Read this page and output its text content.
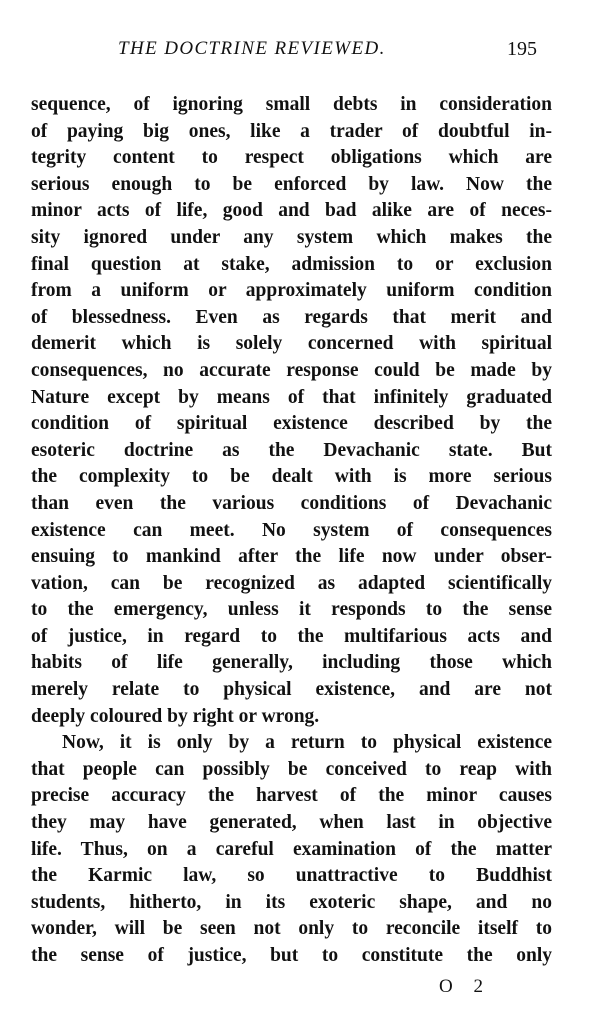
THE DOCTRINE REVIEWED.	195
sequence, of ignoring small debts in consideration
of paying big ones, like a trader of doubtful in-
tegrity content to respect obligations which are
serious enough to be enforced by law. Now the
minor acts of life, good and bad alike are of neces-
sity ignored under any system which makes the
final question at stake, admission to or exclusion
from a uniform or approximately uniform condition
of blessedness. Even as regards that merit and
demerit which is solely concerned with spiritual
consequences, no accurate response could be made by
Nature except by means of that infinitely graduated
condition of spiritual existence described by the
esoteric doctrine as the Devachanic state. But
the complexity to be dealt with is more serious
than even the various conditions of Devachanic
existence can meet. No system of consequences
ensuing to mankind after the life now under obser-
vation, can be recognized as adapted scientifically
to the emergency, unless it responds to the sense
of justice, in regard to the multifarious acts and
habits of life generally, including those which
merely relate to physical existence, and are not
deeply coloured by right or wrong.
Now, it is only by a return to physical existence
that people can possibly be conceived to reap with
precise accuracy the harvest of the minor causes
they may have generated, when last in objective
life. Thus, on a careful examination of the matter
the Karmic law, so unattractive to Buddhist
students, hitherto, in its exoteric shape, and no
wonder, will be seen not only to reconcile itself to
the sense of justice, but to constitute the only
O 2
